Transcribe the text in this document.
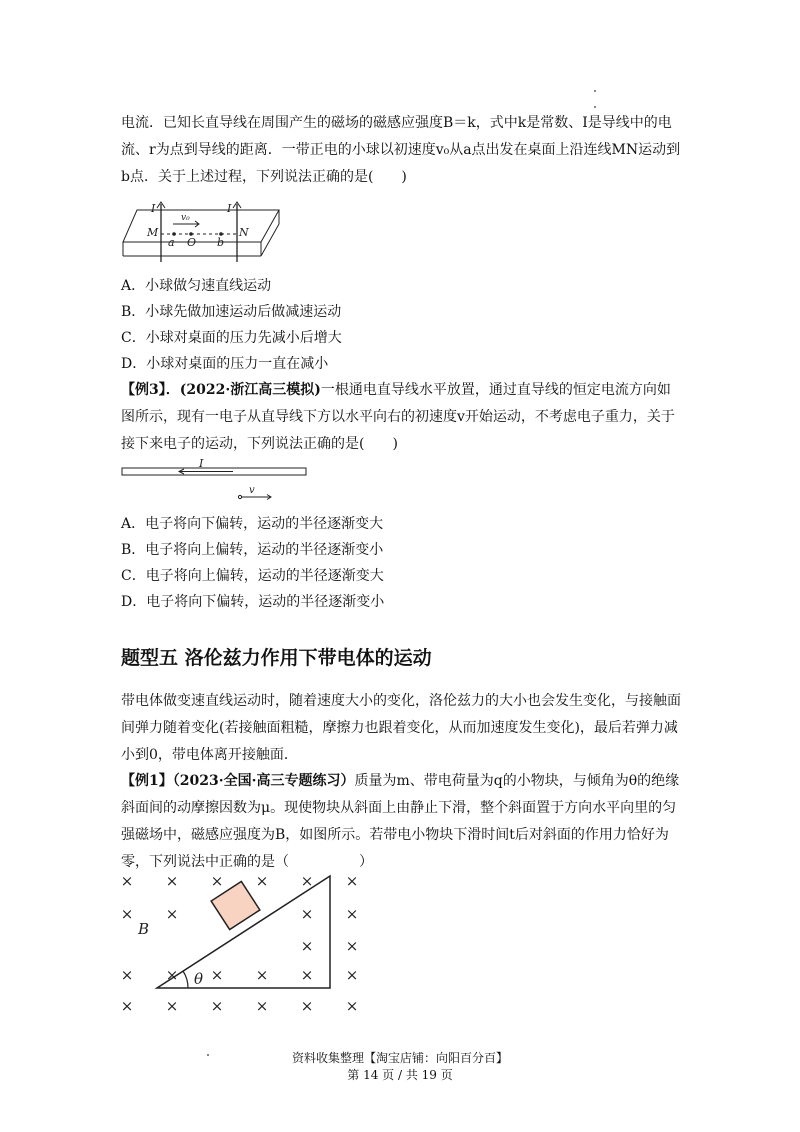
电流．已知长直导线在周围产生的磁场的磁感应强度B＝k，式中k是常数、I是导线中的电流、r为点到导线的距离．一带正电的小球以初速度v₀从a点出发在桌面上沿连线MN运动到b点．关于上述过程，下列说法正确的是(　　)

I	I
M	N
v₀
a O b

A．小球做匀速直线运动

B．小球先做加速运动后做减速运动

C．小球对桌面的压力先减小后增大

D．小球对桌面的压力一直在减小

【例3】．(2022·浙江高三模拟)一根通电直导线水平放置，通过直导线的恒定电流方向如图所示，现有一电子从直导线下方以水平向右的初速度v开始运动，不考虑电子重力，关于接下来电子的运动，下列说法正确的是(　　)

I
v

A．电子将向下偏转，运动的半径逐渐变大

B．电子将向上偏转，运动的半径逐渐变小

C．电子将向上偏转，运动的半径逐渐变大

D．电子将向下偏转，运动的半径逐渐变小

题型五 洛伦兹力作用下带电体的运动

带电体做变速直线运动时，随着速度大小的变化，洛伦兹力的大小也会发生变化，与接触面间弹力随着变化(若接触面粗糙，摩擦力也跟着变化，从而加速度发生变化)，最后若弹力减小到0，带电体离开接触面．

【例1】（2023·全国·高三专题练习）质量为m、带电荷量为q的小物块，与倾角为θ的绝缘斜面间的动摩擦因数为μ。现使物块从斜面上由静止下滑，整个斜面置于方向水平向里的匀强磁场中，磁感应强度为B，如图所示。若带电小物块下滑时间t后对斜面的作用力恰好为零，下列说法中正确的是（　　　　　）

θ
B
× × × × × ×
× ×	× ×
× ×
× × × × × ×
× × × × × ×
资料收集整理【淘宝店铺：向阳百分百】
第 14 页 / 共 19 页
